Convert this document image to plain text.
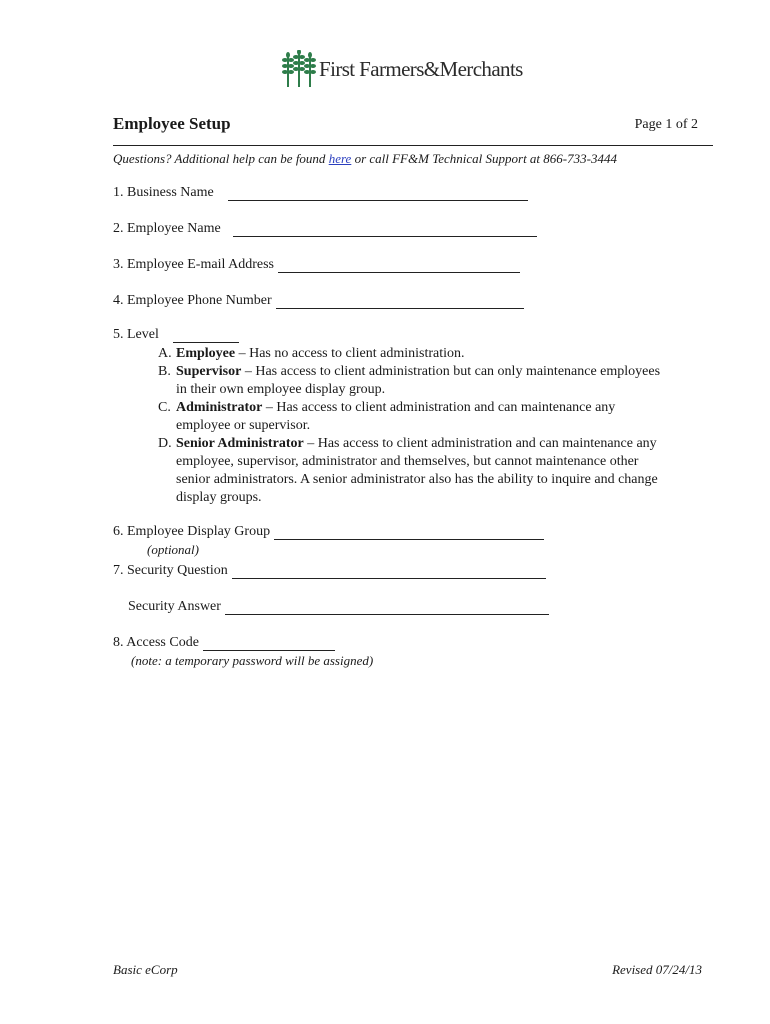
First Farmers&Merchants
Employee Setup	Page 1 of 2
Questions? Additional help can be found here or call FF&M Technical Support at 866-733-3444
1. Business Name
2. Employee Name
3. Employee E-mail Address
4. Employee Phone Number
5. Level
A. Employee – Has no access to client administration.
B. Supervisor – Has access to client administration but can only maintenance employees in their own employee display group.
C. Administrator – Has access to client administration and can maintenance any employee or supervisor.
D. Senior Administrator – Has access to client administration and can maintenance any employee, supervisor, administrator and themselves, but cannot maintenance other senior administrators. A senior administrator also has the ability to inquire and change display groups.
6. Employee Display Group
(optional)
7. Security Question
Security Answer
8. Access Code
(note: a temporary password will be assigned)
Basic eCorp	Revised 07/24/13
